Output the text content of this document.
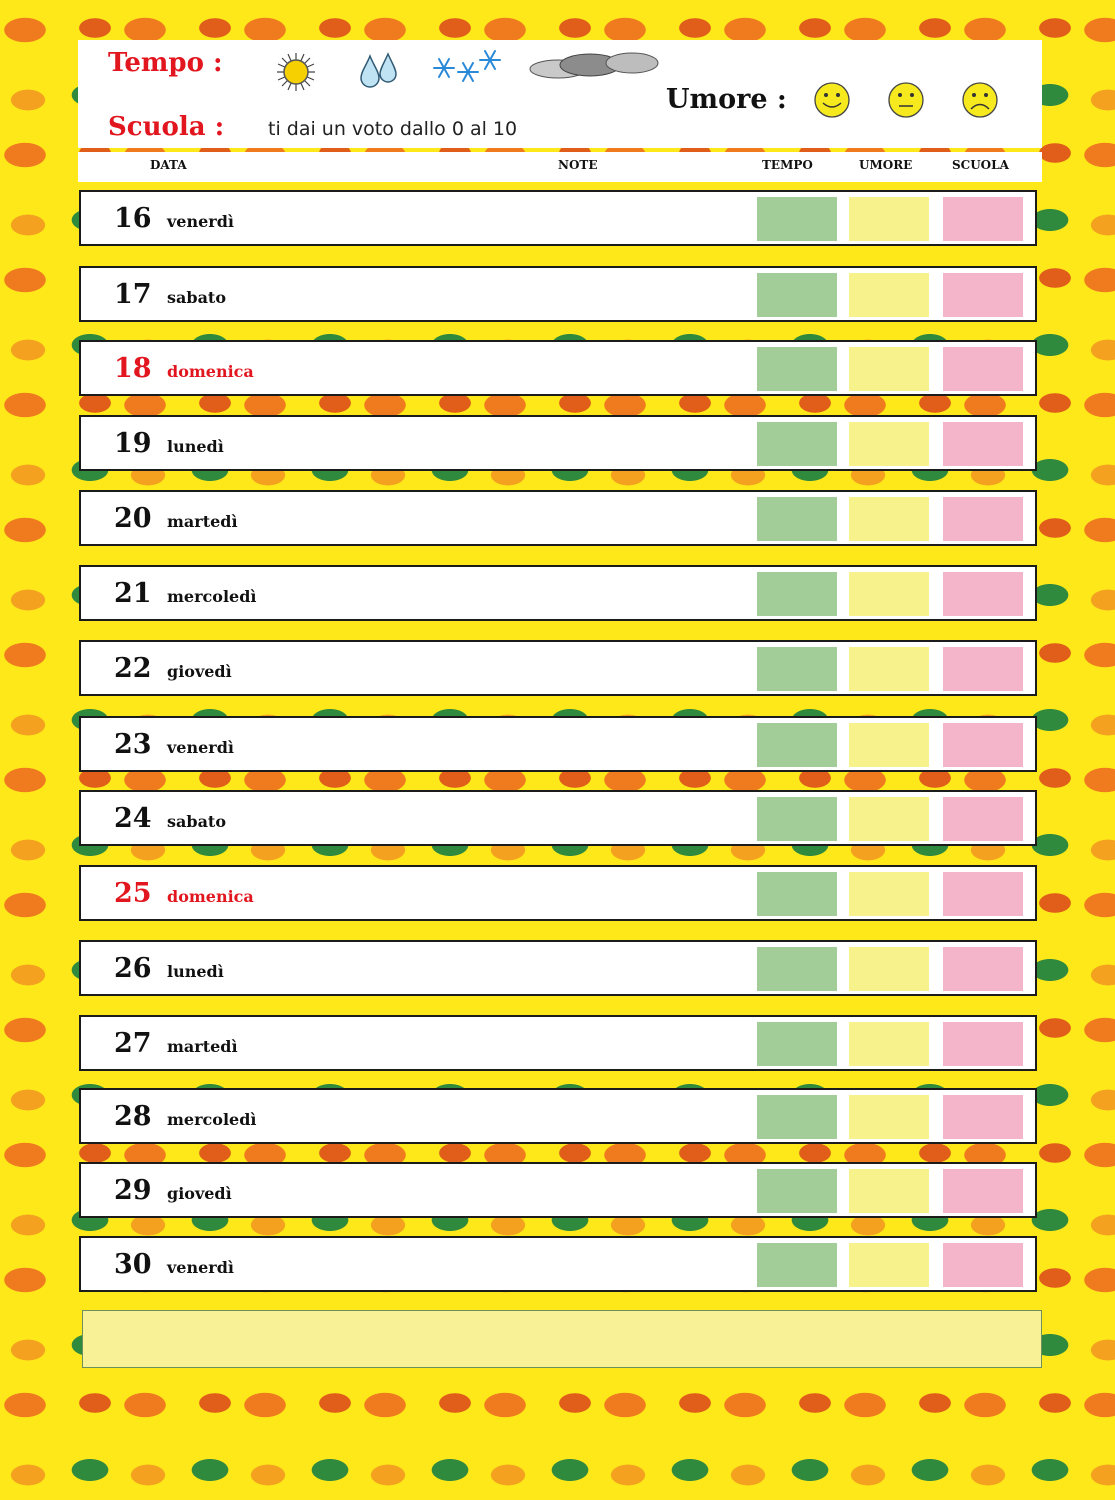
Tempo :
Scuola : ti dai un voto dallo 0 al 10
Umore :
DATA	NOTE	TEMPO	UMORE	SCUOLA
16 venerdì
17 sabato
18 domenica
19 lunedì
20 martedì
21 mercoledì
22 giovedì
23 venerdì
24 sabato
25 domenica
26 lunedì
27 martedì
28 mercoledì
29 giovedì
30 venerdì
